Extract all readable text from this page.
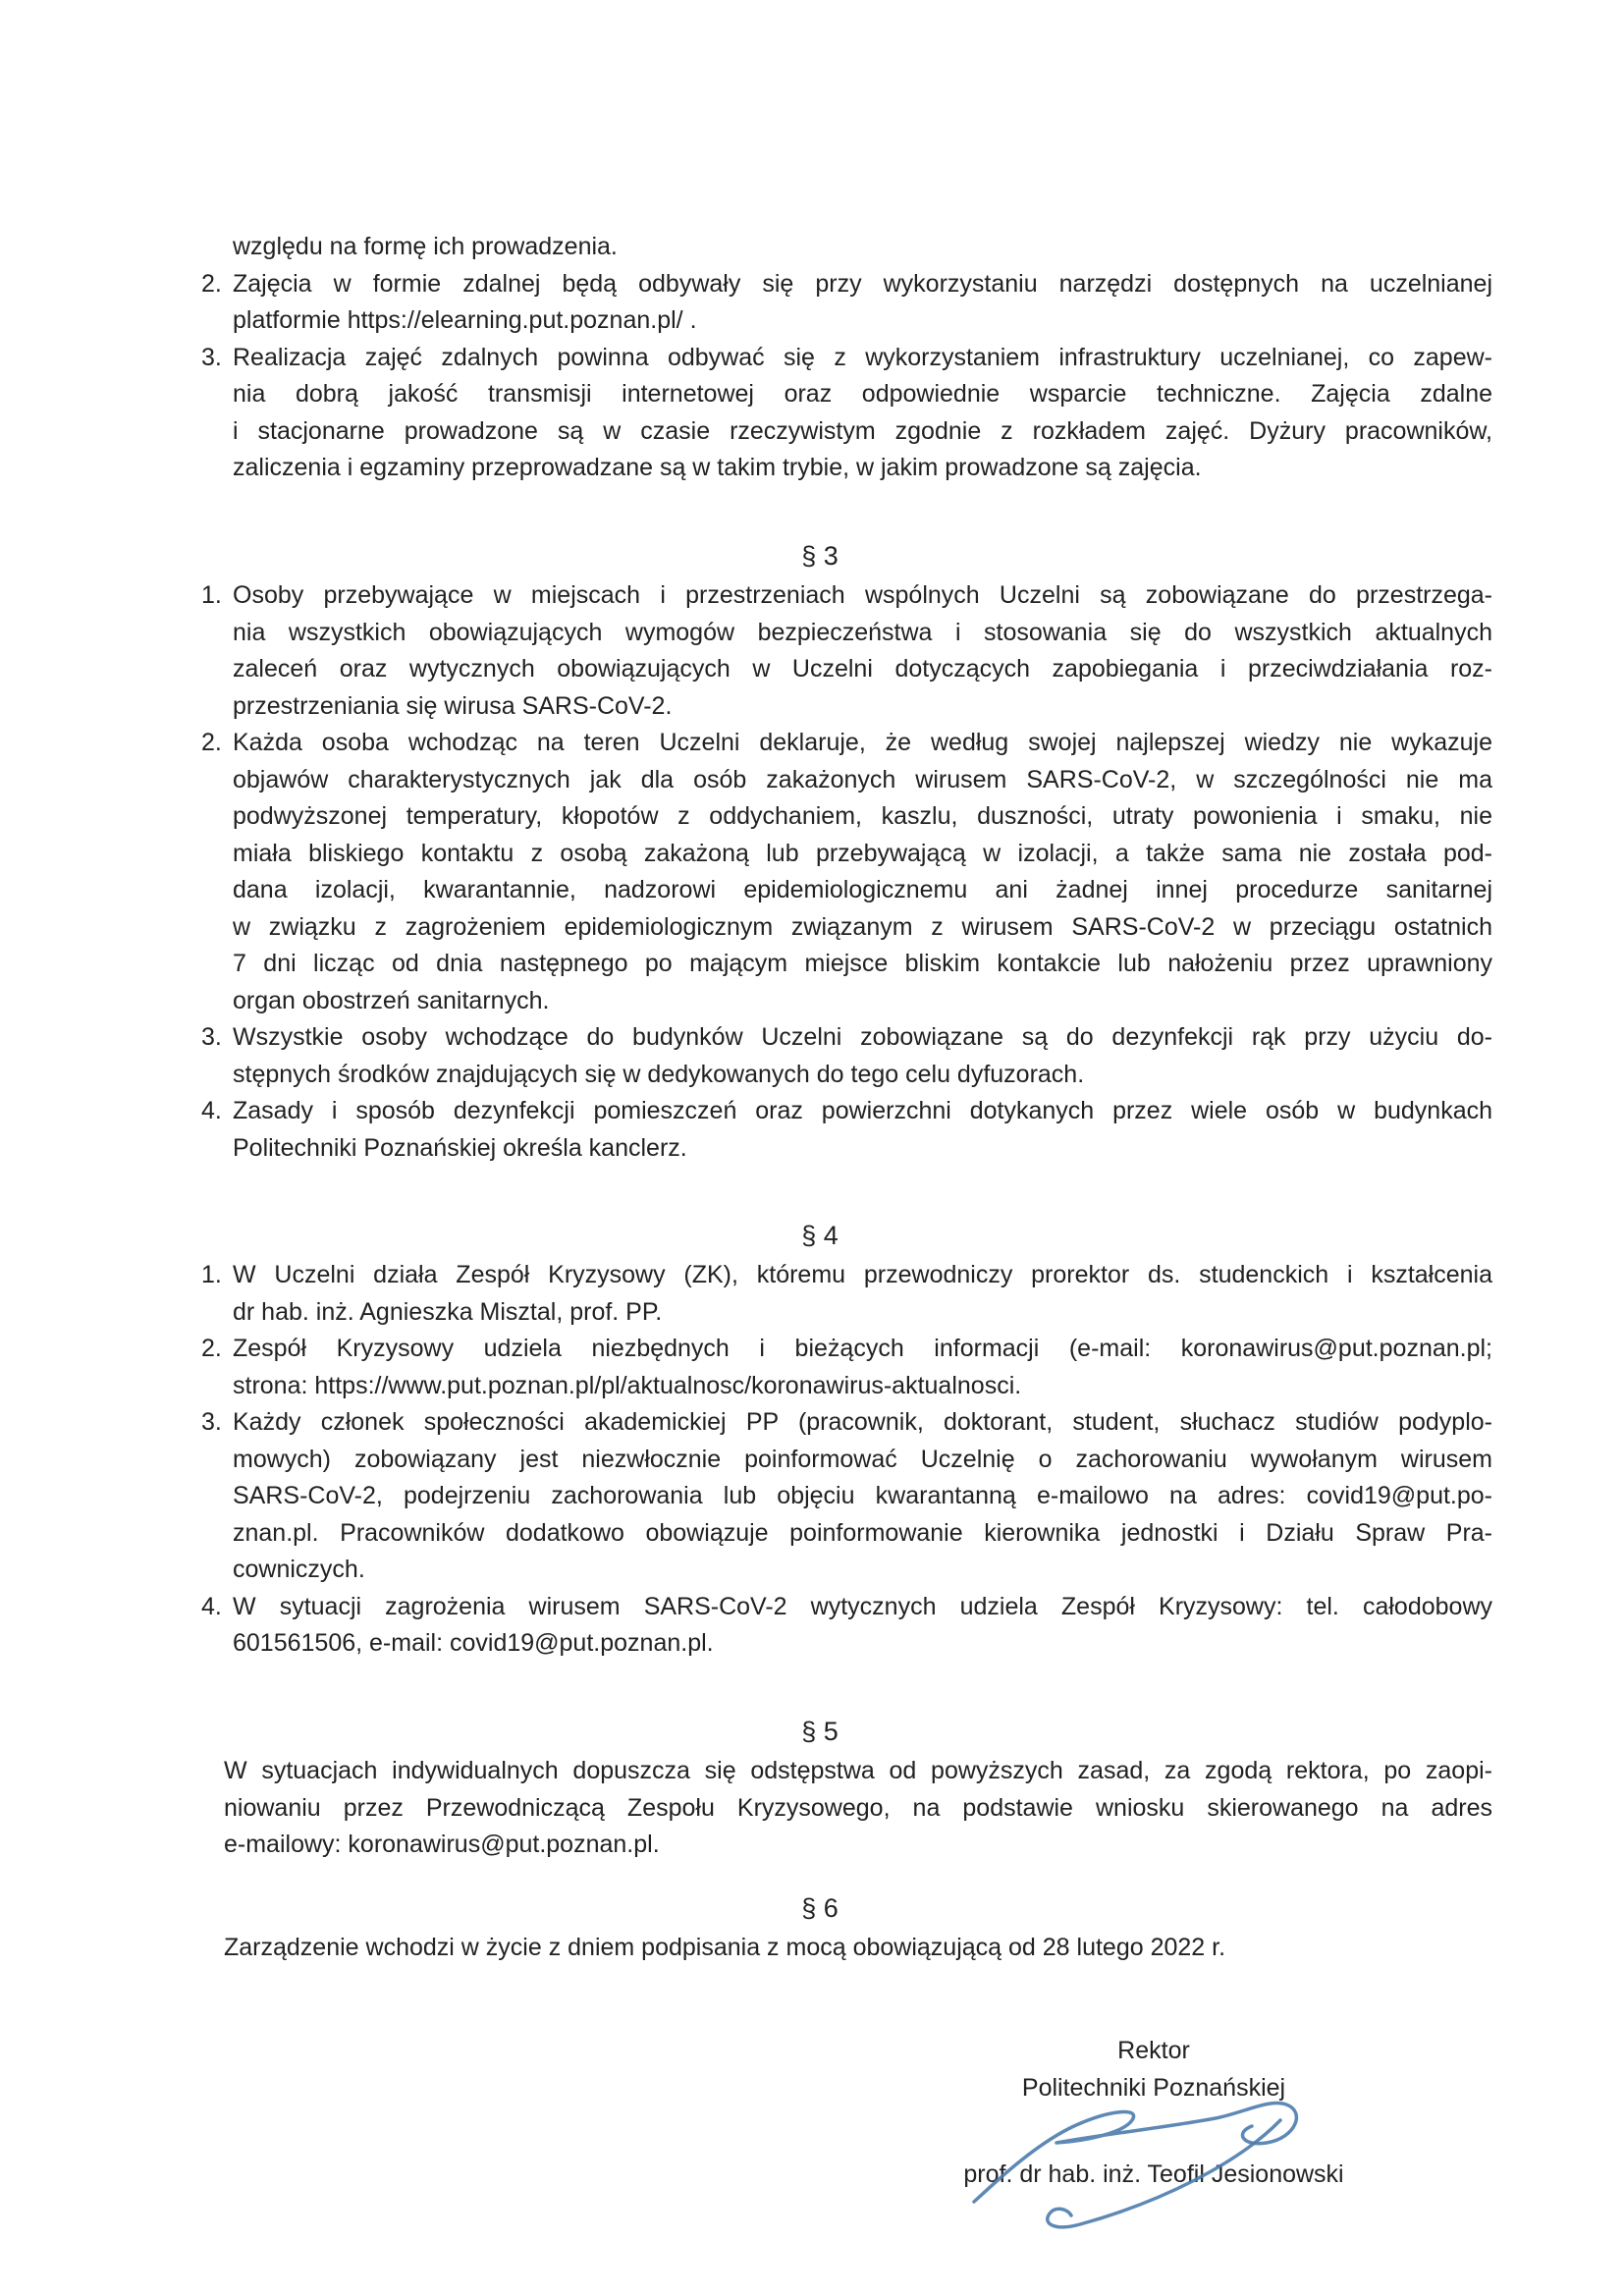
względu na formę ich prowadzenia.
2. Zajęcia w formie zdalnej będą odbywały się przy wykorzystaniu narzędzi dostępnych na uczelnianej
platformie https://elearning.put.poznan.pl/ .
3. Realizacja zajęć zdalnych powinna odbywać się z wykorzystaniem infrastruktury uczelnianej, co zapew-
nia dobrą jakość transmisji internetowej oraz odpowiednie wsparcie techniczne. Zajęcia zdalne
i stacjonarne prowadzone są w czasie rzeczywistym zgodnie z rozkładem zajęć. Dyżury pracowników,
zaliczenia i egzaminy przeprowadzane są w takim trybie, w jakim prowadzone są zajęcia.
§ 3
1. Osoby przebywające w miejscach i przestrzeniach wspólnych Uczelni są zobowiązane do przestrzega-
nia wszystkich obowiązujących wymogów bezpieczeństwa i stosowania się do wszystkich aktualnych
zaleceń oraz wytycznych obowiązujących w Uczelni dotyczących zapobiegania i przeciwdziałania roz-
przestrzeniania się wirusa SARS-CoV-2.
2. Każda osoba wchodząc na teren Uczelni deklaruje, że według swojej najlepszej wiedzy nie wykazuje
objawów charakterystycznych jak dla osób zakażonych wirusem SARS-CoV-2, w szczególności nie ma
podwyższonej temperatury, kłopotów z oddychaniem, kaszlu, duszności, utraty powonienia i smaku, nie
miała bliskiego kontaktu z osobą zakażoną lub przebywającą w izolacji, a także sama nie została pod-
dana izolacji, kwarantannie, nadzorowi epidemiologicznemu ani żadnej innej procedurze sanitarnej
w związku z zagrożeniem epidemiologicznym związanym z wirusem SARS-CoV-2 w przeciągu ostatnich
7 dni licząc od dnia następnego po mającym miejsce bliskim kontakcie lub nałożeniu przez uprawniony
organ obostrzeń sanitarnych.
3. Wszystkie osoby wchodzące do budynków Uczelni zobowiązane są do dezynfekcji rąk przy użyciu do-
stępnych środków znajdujących się w dedykowanych do tego celu dyfuzorach.
4. Zasady i sposób dezynfekcji pomieszczeń oraz powierzchni dotykanych przez wiele osób w budynkach
Politechniki Poznańskiej określa kanclerz.
§ 4
1. W Uczelni działa Zespół Kryzysowy (ZK), któremu przewodniczy prorektor ds. studenckich i kształcenia
dr hab. inż. Agnieszka Misztal, prof. PP.
2. Zespół Kryzysowy udziela niezbędnych i bieżących informacji (e-mail: koronawirus@put.poznan.pl;
strona: https://www.put.poznan.pl/pl/aktualnosc/koronawirus-aktualnosci.
3. Każdy członek społeczności akademickiej PP (pracownik, doktorant, student, słuchacz studiów podyplo-
mowych) zobowiązany jest niezwłocznie poinformować Uczelnię o zachorowaniu wywołanym wirusem
SARS-CoV-2, podejrzeniu zachorowania lub objęciu kwarantanną e-mailowo na adres: covid19@put.po-
znan.pl. Pracowników dodatkowo obowiązuje poinformowanie kierownika jednostki i Działu Spraw Pra-
cowniczych.
4. W sytuacji zagrożenia wirusem SARS-CoV-2 wytycznych udziela Zespół Kryzysowy: tel. całodobowy
601561506, e-mail: covid19@put.poznan.pl.
§ 5
W sytuacjach indywidualnych dopuszcza się odstępstwa od powyższych zasad, za zgodą rektora, po zaopi-
niowaniu przez Przewodniczącą Zespołu Kryzysowego, na podstawie wniosku skierowanego na adres
e-mailowy: koronawirus@put.poznan.pl.
§ 6
Zarządzenie wchodzi w życie z dniem podpisania z mocą obowiązującą od 28 lutego 2022 r.
Rektor
Politechniki Poznańskiej
prof. dr hab. inż. Teofil Jesionowski
